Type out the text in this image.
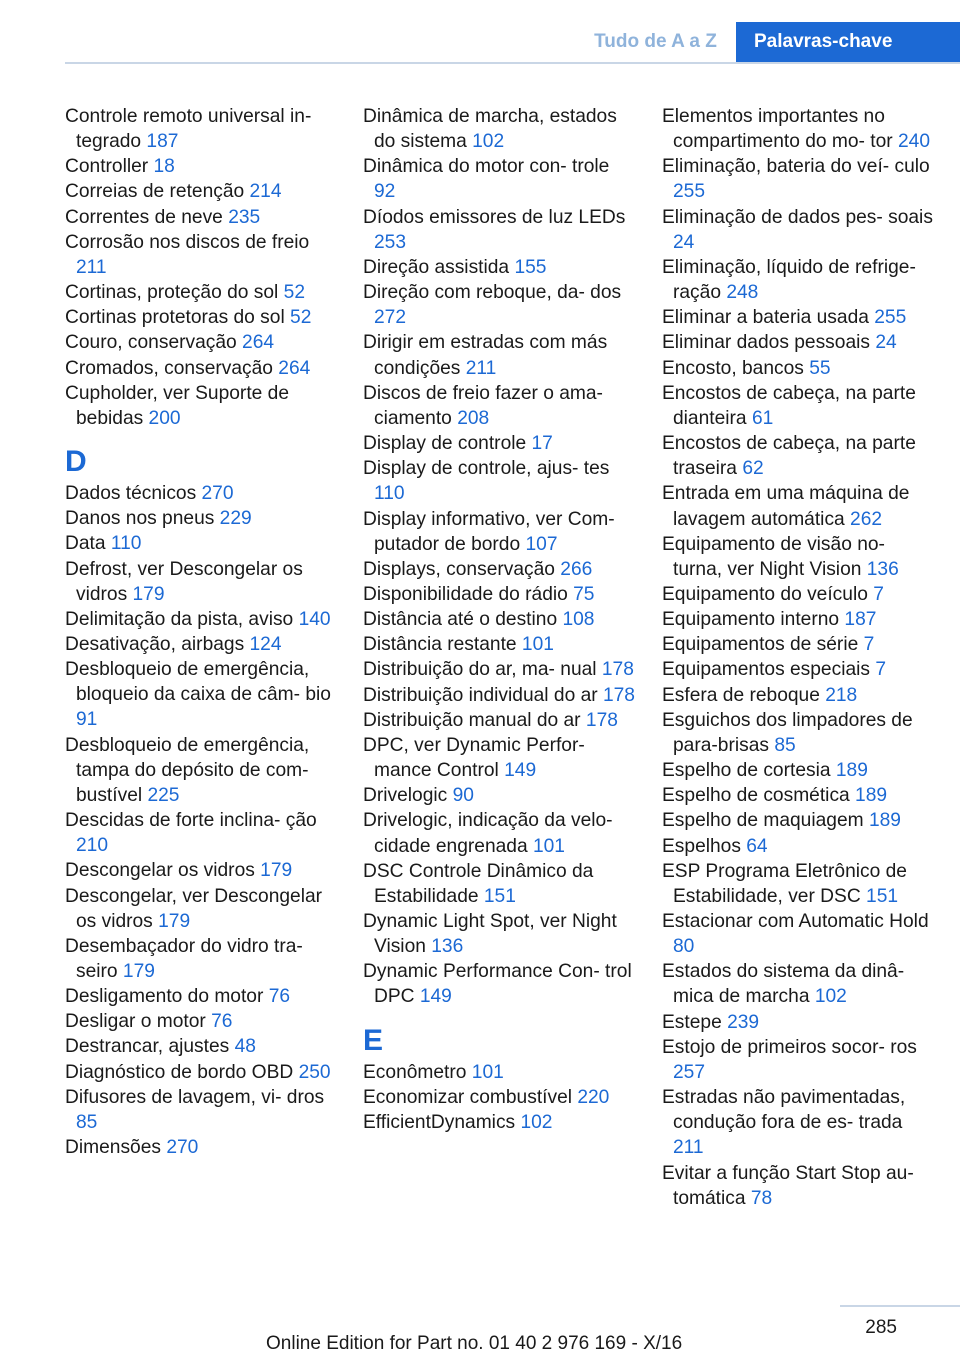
Tudo de A a Z	Palavras-chave
Controle remoto universal in‐ tegrado 187
Controller 18
Correias de retenção 214
Correntes de neve 235
Corrosão nos discos de freio 211
Cortinas, proteção do sol 52
Cortinas protetoras do sol 52
Couro, conservação 264
Cromados, conservação 264
Cupholder, ver Suporte de bebidas 200
D
Dados técnicos 270
Danos nos pneus 229
Data 110
Defrost, ver Descongelar os vidros 179
Delimitação da pista, aviso 140
Desativação, airbags 124
Desbloqueio de emergência, bloqueio da caixa de câm‐ bio 91
Desbloqueio de emergência, tampa do depósito de com‐ bustível 225
Descidas de forte inclina‐ ção 210
Descongelar os vidros 179
Descongelar, ver Descongelar os vidros 179
Desembaçador do vidro tra‐ seiro 179
Desligamento do motor 76
Desligar o motor 76
Destrancar, ajustes 48
Diagnóstico de bordo OBD 250
Difusores de lavagem, vi‐ dros 85
Dimensões 270
Dinâmica de marcha, estados do sistema 102
Dinâmica do motor con‐ trole 92
Díodos emissores de luz LEDs 253
Direção assistida 155
Direção com reboque, da‐ dos 272
Dirigir em estradas com más condições 211
Discos de freio fazer o ama‐ ciamento 208
Display de controle 17
Display de controle, ajus‐ tes 110
Display informativo, ver Com‐ putador de bordo 107
Displays, conservação 266
Disponibilidade do rádio 75
Distância até o destino 108
Distância restante 101
Distribuição do ar, ma‐ nual 178
Distribuição individual do ar 178
Distribuição manual do ar 178
DPC, ver Dynamic Perfor‐ mance Control 149
Drivelogic 90
Drivelogic, indicação da velo‐ cidade engrenada 101
DSC Controle Dinâmico da Estabilidade 151
Dynamic Light Spot, ver Night Vision 136
Dynamic Performance Con‐ trol DPC 149
E
Econômetro 101
Economizar combustível 220
EfficientDynamics 102
Elementos importantes no compartimento do mo‐ tor 240
Eliminação, bateria do veí‐ culo 255
Eliminação de dados pes‐ soais 24
Eliminação, líquido de refrige‐ ração 248
Eliminar a bateria usada 255
Eliminar dados pessoais 24
Encosto, bancos 55
Encostos de cabeça, na parte dianteira 61
Encostos de cabeça, na parte traseira 62
Entrada em uma máquina de lavagem automática 262
Equipamento de visão no‐ turna, ver Night Vision 136
Equipamento do veículo 7
Equipamento interno 187
Equipamentos de série 7
Equipamentos especiais 7
Esfera de reboque 218
Esguichos dos limpadores de para-brisas 85
Espelho de cortesia 189
Espelho de cosmética 189
Espelho de maquiagem 189
Espelhos 64
ESP Programa Eletrônico de Estabilidade, ver DSC 151
Estacionar com Automatic Hold 80
Estados do sistema da dinâ‐ mica de marcha 102
Estepe 239
Estojo de primeiros socor‐ ros 257
Estradas não pavimentadas, condução fora de es‐ trada 211
Evitar a função Start Stop au‐ tomática 78
285
Online Edition for Part no. 01 40 2 976 169 - X/16
